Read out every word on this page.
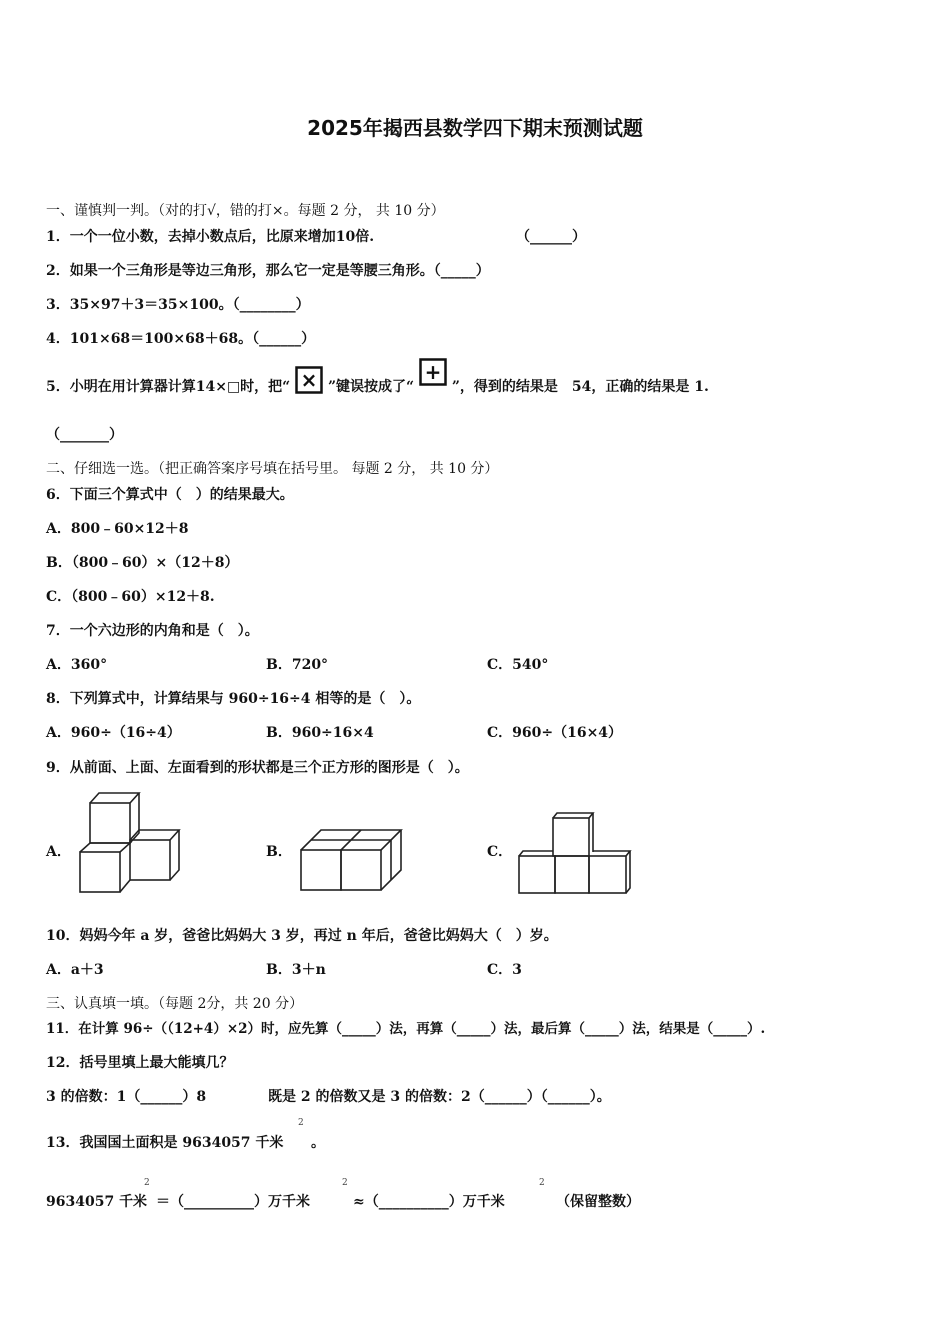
2025年揭西县数学四下期末预测试题
一、谨慎判一判。（对的打√，错的打×。每题 2 分， 共 10 分）
1．一个一位小数，去掉小数点后，比原来增加10倍.	（______）
2．如果一个三角形是等边三角形，那么它一定是等腰三角形。（_____）
3．35×97＋3＝35×100。（________）
4．101×68＝100×68＋68。（______）
5．小明在用计算器计算14×□时，把“ × ”键误按成了“
+
”，得到的结果是　54，正确的结果是 1.
（_______）
二、仔细选一选。（把正确答案序号填在括号里。 每题 2 分， 共 10 分）
6．下面三个算式中（　）的结果最大。
A．800﹣60×12＋8
B．（800﹣60）×（12＋8）
C．（800﹣60）×12＋8.
7．一个六边形的内角和是（　）。
A．360°	B．720°	C．540°
8．下列算式中，计算结果与 960÷16÷4 相等的是（　）。
A．960÷（16÷4）	B．960÷16×4	C．960÷（16×4）
9．从前面、上面、左面看到的形状都是三个正方形的图形是（　）。
A．	B．	C．
10．妈妈今年 a 岁，爸爸比妈妈大 3 岁，再过 n 年后，爸爸比妈妈大（　）岁。
A．a＋3	B．3＋n	C．3
三、认真填一填。（每题 2分，共 20 分）
11．在计算 96÷（（12+4）×2）时，应先算（_____）法，再算（_____）法，最后算（_____）法，结果是（_____）.
12．括号里填上最大能填几？
3 的倍数：1（______）8	既是 2 的倍数又是 3 的倍数：2（______）（______）。
13．我国国土面积是 9634057 千米
2
。
9634057 千米
2
＝（__________）万千米
2
≈（__________）万千米
2
（保留整数）
